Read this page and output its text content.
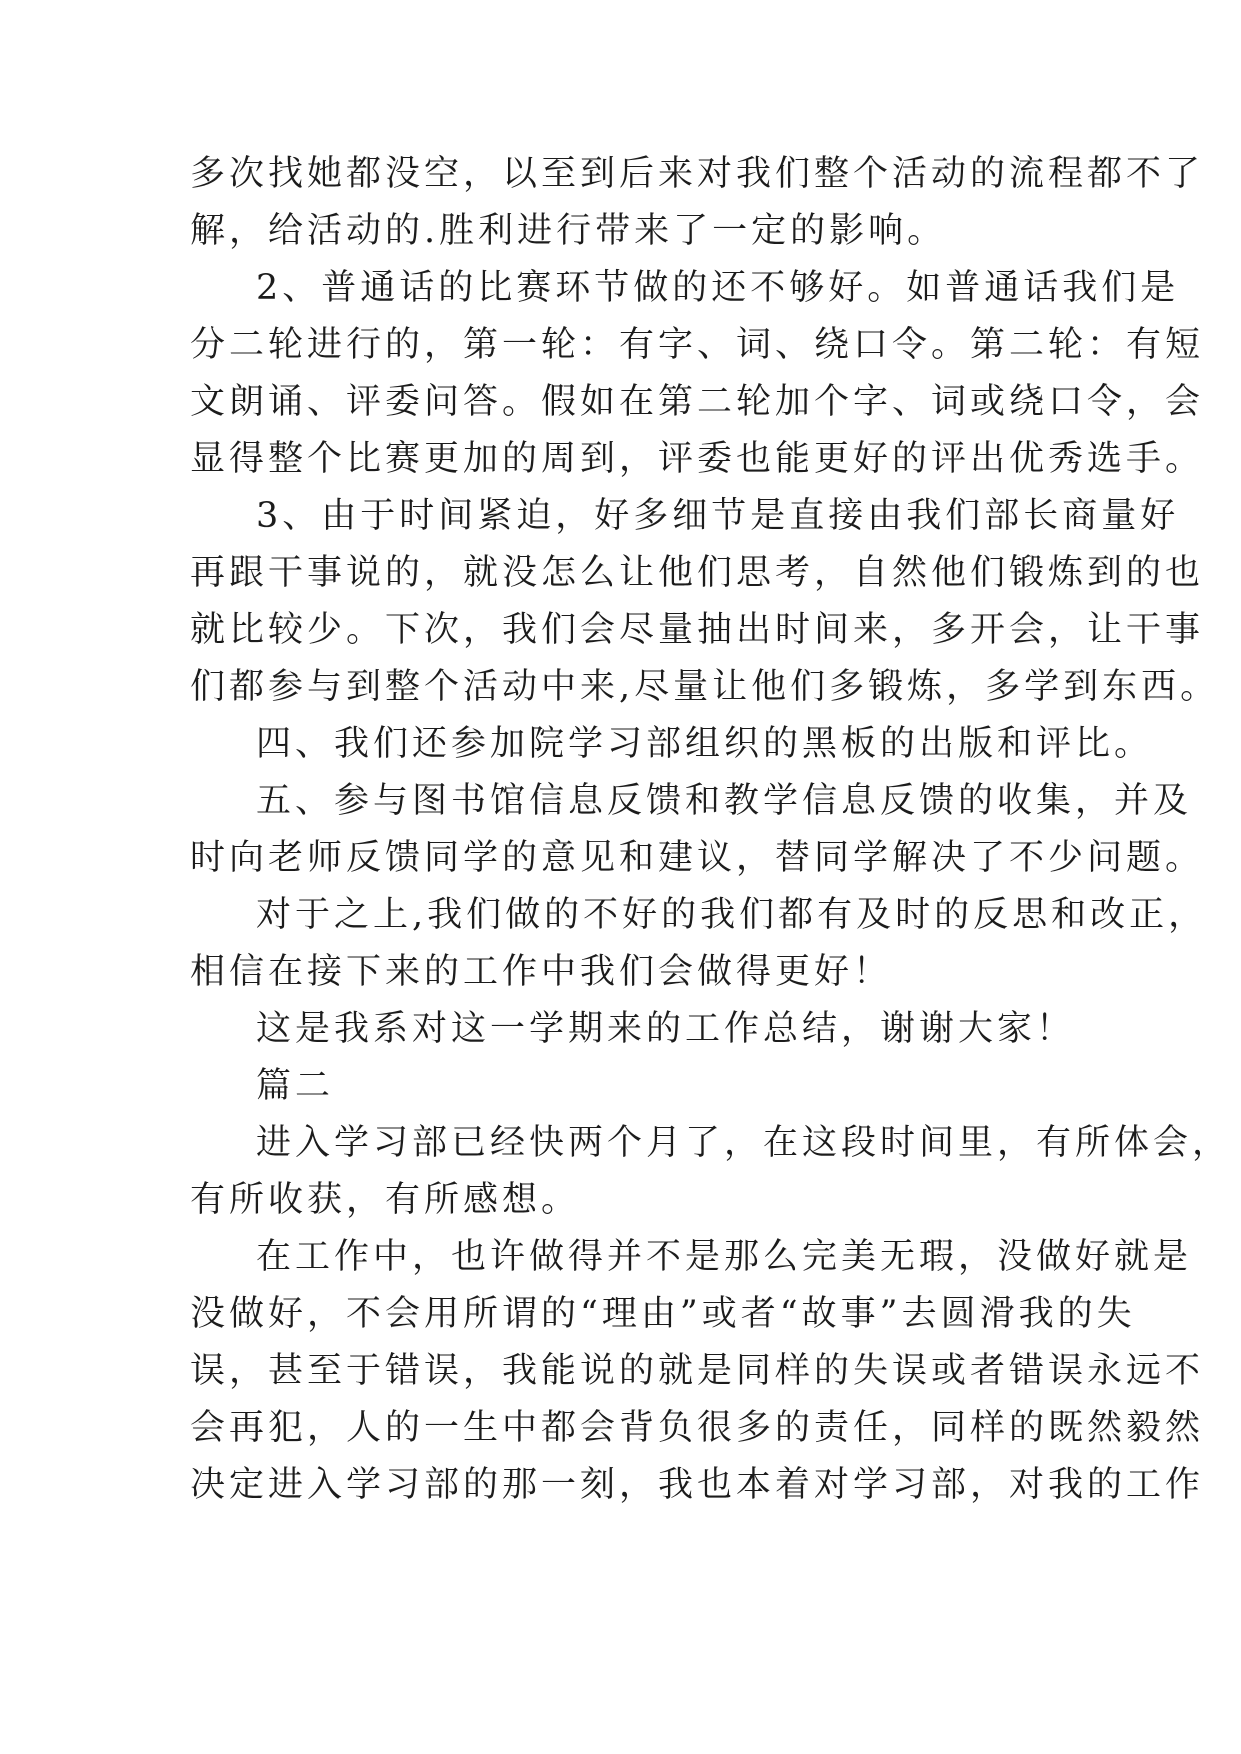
多次找她都没空，以至到后来对我们整个活动的流程都不了
解，给活动的.胜利进行带来了一定的影响。
2、普通话的比赛环节做的还不够好。如普通话我们是
分二轮进行的，第一轮：有字、词、绕口令。第二轮：有短
文朗诵、评委问答。假如在第二轮加个字、词或绕口令，会
显得整个比赛更加的周到，评委也能更好的评出优秀选手。
3、由于时间紧迫，好多细节是直接由我们部长商量好
再跟干事说的，就没怎么让他们思考，自然他们锻炼到的也
就比较少。下次，我们会尽量抽出时间来，多开会，让干事
们都参与到整个活动中来,尽量让他们多锻炼，多学到东西。
四、我们还参加院学习部组织的黑板的出版和评比。
五、参与图书馆信息反馈和教学信息反馈的收集，并及
时向老师反馈同学的意见和建议，替同学解决了不少问题。
对于之上,我们做的不好的我们都有及时的反思和改正，
相信在接下来的工作中我们会做得更好！
这是我系对这一学期来的工作总结，谢谢大家！
篇二
进入学习部已经快两个月了，在这段时间里，有所体会，
有所收获，有所感想。
在工作中，也许做得并不是那么完美无瑕，没做好就是
没做好，不会用所谓的“理由”或者“故事”去圆滑我的失
误，甚至于错误，我能说的就是同样的失误或者错误永远不
会再犯，人的一生中都会背负很多的责任，同样的既然毅然
决定进入学习部的那一刻，我也本着对学习部，对我的工作
